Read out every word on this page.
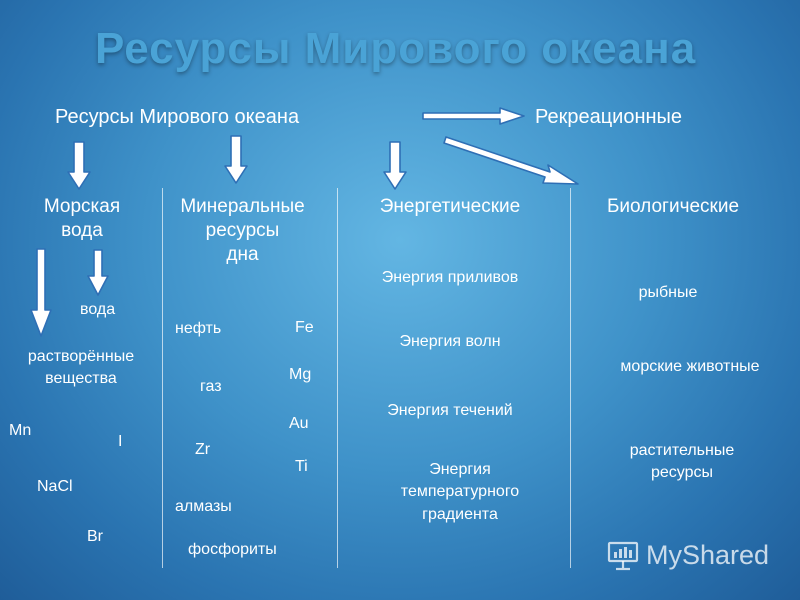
Ресурсы Мирового океана
Ресурсы Мирового океана	Рекреационные
Морская
вода
вода
растворённые
вещества
Mn
I
NaCl
Br
Минеральные
ресурсы
дна
нефть	Fe
Mg
газ
Au
Zr
Ti
алмазы
фосфориты
Энергетические
Энергия приливов
Энергия волн
Энергия течений
Энергия
температурного
градиента
Биологические
рыбные
морские животные
растительные
ресурсы
MyShared
